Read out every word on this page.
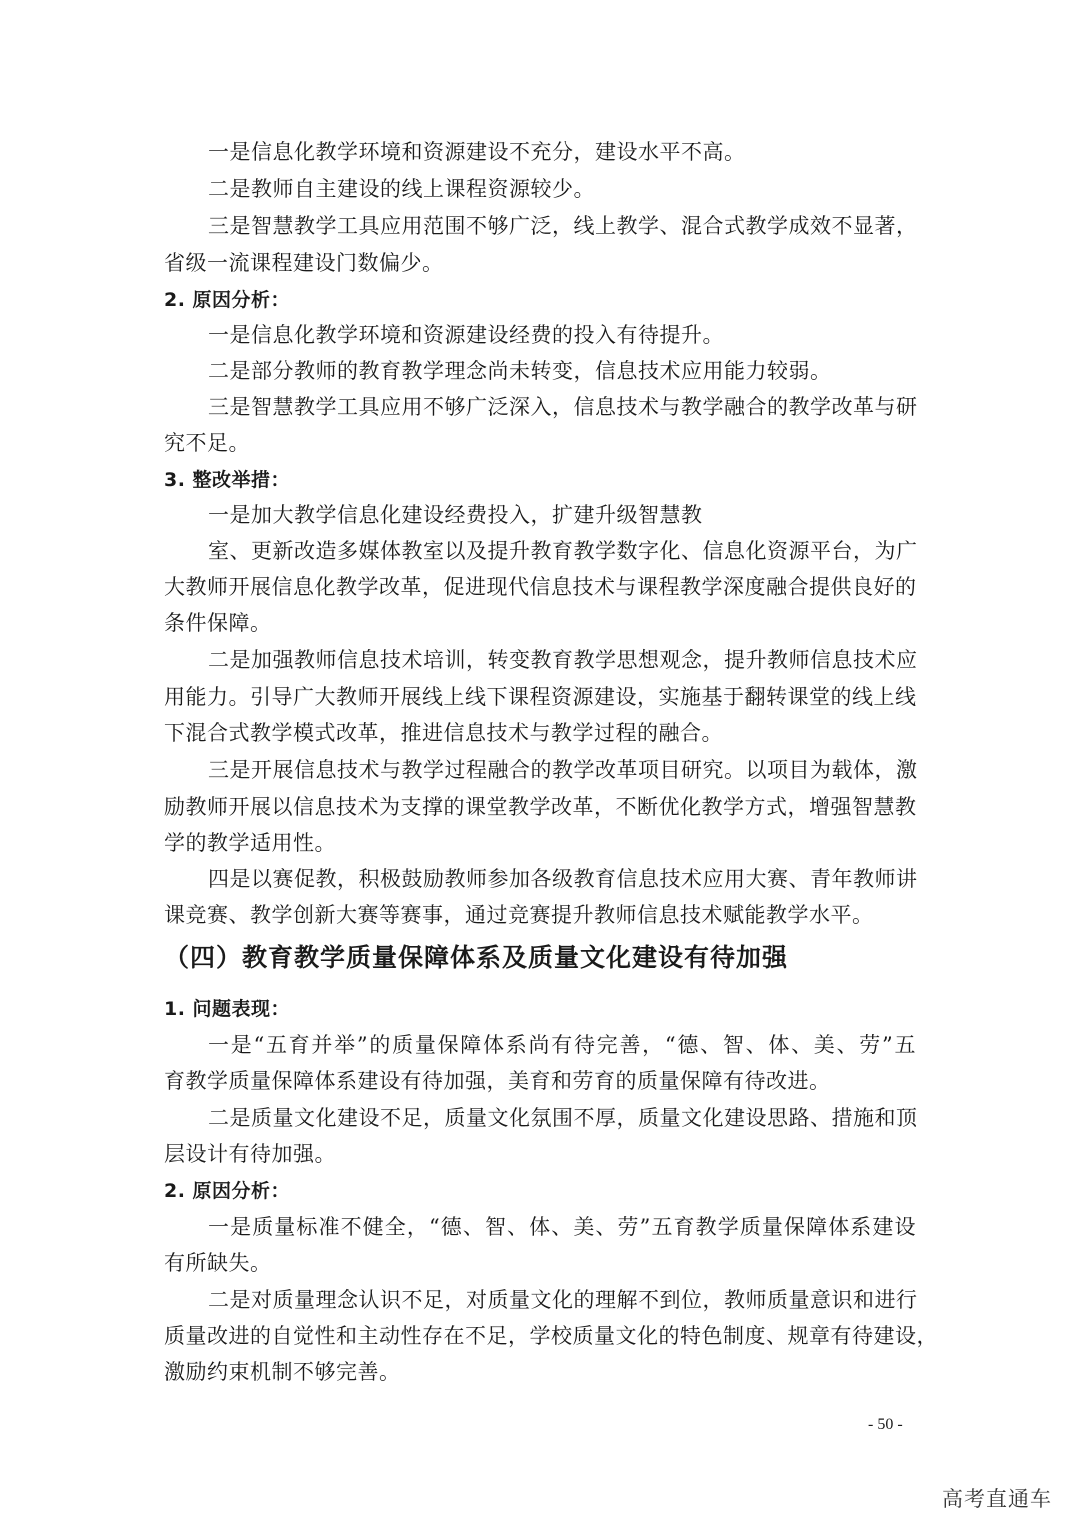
一是信息化教学环境和资源建设不充分，建设水平不高。
二是教师自主建设的线上课程资源较少。
三是智慧教学工具应用范围不够广泛，线上教学、混合式教学成效不显著，
省级一流课程建设门数偏少。
2. 原因分析：
一是信息化教学环境和资源建设经费的投入有待提升。
二是部分教师的教育教学理念尚未转变，信息技术应用能力较弱。
三是智慧教学工具应用不够广泛深入，信息技术与教学融合的教学改革与研
究不足。
3. 整改举措：
一是加大教学信息化建设经费投入，扩建升级智慧教
室、更新改造多媒体教室以及提升教育教学数字化、信息化资源平台，为广
大教师开展信息化教学改革，促进现代信息技术与课程教学深度融合提供良好的
条件保障。
二是加强教师信息技术培训，转变教育教学思想观念，提升教师信息技术应
用能力。引导广大教师开展线上线下课程资源建设，实施基于翻转课堂的线上线
下混合式教学模式改革，推进信息技术与教学过程的融合。
三是开展信息技术与教学过程融合的教学改革项目研究。以项目为载体，激
励教师开展以信息技术为支撑的课堂教学改革，不断优化教学方式，增强智慧教
学的教学适用性。
四是以赛促教，积极鼓励教师参加各级教育信息技术应用大赛、青年教师讲
课竞赛、教学创新大赛等赛事，通过竞赛提升教师信息技术赋能教学水平。
（四）教育教学质量保障体系及质量文化建设有待加强
1. 问题表现：
一是“五育并举”的质量保障体系尚有待完善，“德、智、体、美、劳”五
育教学质量保障体系建设有待加强，美育和劳育的质量保障有待改进。
二是质量文化建设不足，质量文化氛围不厚，质量文化建设思路、措施和顶
层设计有待加强。
2. 原因分析：
一是质量标准不健全，“德、智、体、美、劳”五育教学质量保障体系建设
有所缺失。
二是对质量理念认识不足，对质量文化的理解不到位，教师质量意识和进行
质量改进的自觉性和主动性存在不足，学校质量文化的特色制度、规章有待建设，
激励约束机制不够完善。
- 50 -
高考直通车
